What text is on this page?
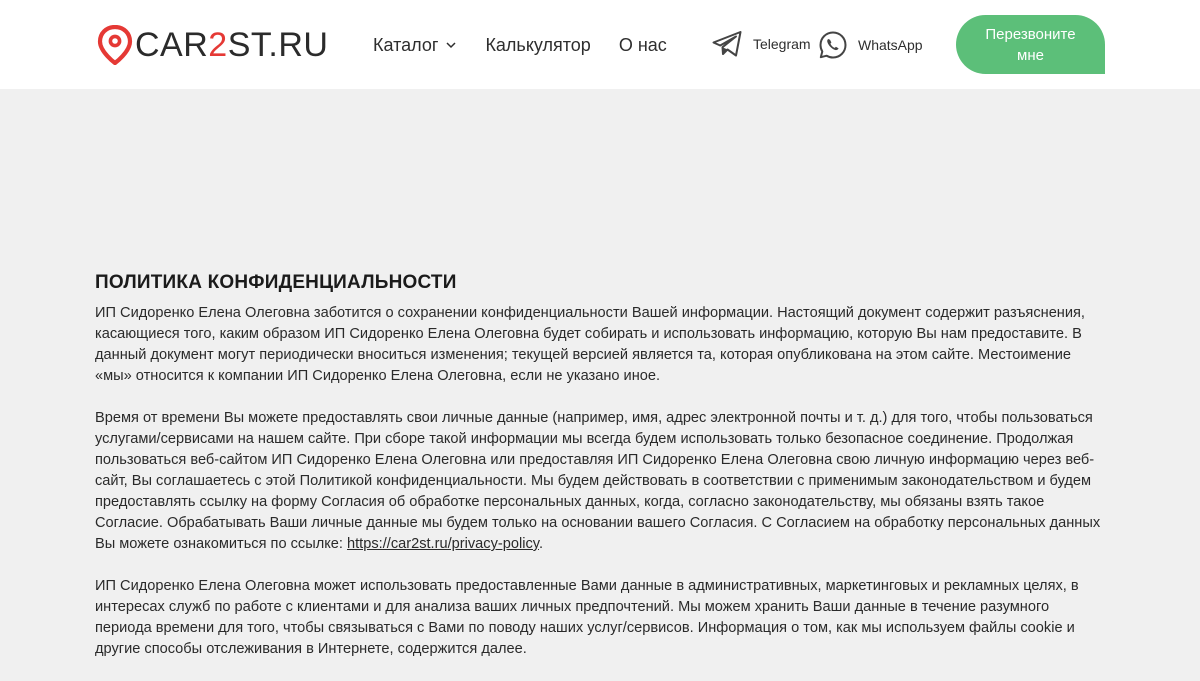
CAR2ST.RU Каталог	Калькулятор О нас	Telegram	WhatsApp
Перезвоните мне
ПОЛИТИКА КОНФИДЕНЦИАЛЬНОСТИ

ИП Сидоренко Елена Олеговна заботится о сохранении конфиденциальности Вашей информации. Настоящий документ содержит разъяснения, касающиеся того, каким образом ИП Сидоренко Елена Олеговна будет собирать и использовать информацию, которую Вы нам предоставите. В данный документ могут периодически вноситься изменения; текущей версией является та, которая опубликована на этом сайте. Местоимение «мы» относится к компании ИП Сидоренко Елена Олеговна, если не указано иное.

Время от времени Вы можете предоставлять свои личные данные (например, имя, адрес электронной почты и т. д.) для того, чтобы пользоваться услугами/сервисами на нашем сайте. При сборе такой информации мы всегда будем использовать только безопасное соединение. Продолжая пользоваться веб-сайтом ИП Сидоренко Елена Олеговна или предоставляя ИП Сидоренко Елена Олеговна свою личную информацию через веб-сайт, Вы соглашаетесь с этой Политикой конфиденциальности. Мы будем действовать в соответствии с применимым законодательством и будем предоставлять ссылку на форму Согласия об обработке персональных данных, когда, согласно законодательству, мы обязаны взять такое Согласие. Обрабатывать Ваши личные данные мы будем только на основании вашего Согласия. С Согласием на обработку персональных данных Вы можете ознакомиться по ссылке: https://car2st.ru/privacy-policy.

ИП Сидоренко Елена Олеговна может использовать предоставленные Вами данные в административных, маркетинговых и рекламных целях, в интересах служб по работе с клиентами и для анализа ваших личных предпочтений. Мы можем хранить Ваши данные в течение разумного периода времени для того, чтобы связываться с Вами по поводу наших услуг/сервисов. Информация о том, как мы используем файлы cookie и другие способы отслеживания в Интернете, содержится далее.
